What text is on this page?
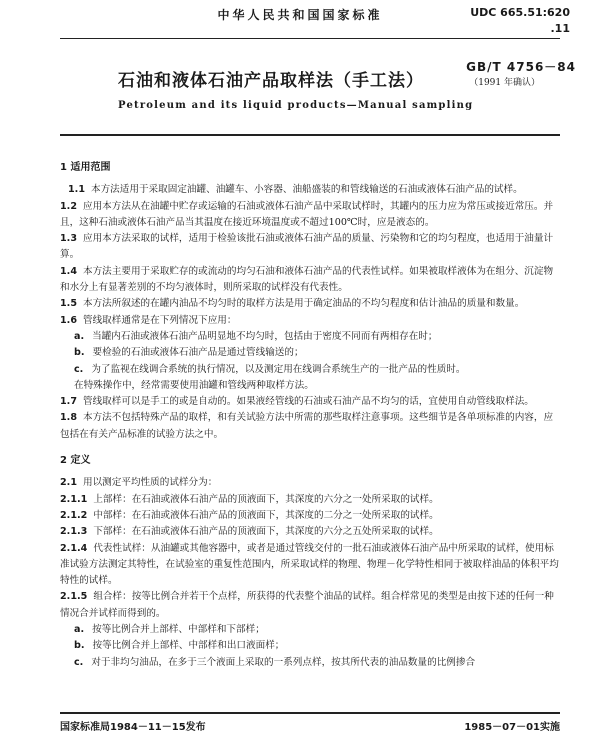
中华人民共和国国家标准	UDC 665.51:620
.11
石油和液体石油产品取样法（手工法）
GB/T 4756－84
（1991 年确认）
Petroleum and its liquid products—Manual sampling
1 适用范围

1.1 本方法适用于采取固定油罐、油罐车、小容器、油船盛装的和管线输送的石油或液体石油产品的试样。

1.2 应用本方法从在油罐中贮存或运输的石油或液体石油产品中采取试样时，其罐内的压力应为常压或接近常压。并且，这种石油或液体石油产品当其温度在接近环境温度或不超过100℃时，应是液态的。

1.3 应用本方法采取的试样，适用于检验该批石油或液体石油产品的质量、污染物和它的均匀程度，也适用于油量计算。

1.4 本方法主要用于采取贮存的或流动的均匀石油和液体石油产品的代表性试样。如果被取样液体为在组分、沉淀物和水分上有显著差别的不均匀液体时，则所采取的试样没有代表性。

1.5 本方法所叙述的在罐内油品不均匀时的取样方法是用于确定油品的不均匀程度和估计油品的质量和数量。

1.6 管线取样通常是在下列情况下应用：

a. 当罐内石油或液体石油产品明显地不均匀时，包括由于密度不同而有两相存在时；

b. 要检验的石油或液体石油产品是通过管线输送的；

c. 为了监视在线调合系统的执行情况，以及测定用在线调合系统生产的一批产品的性质时。

在特殊操作中，经常需要使用油罐和管线两种取样方法。

1.7 管线取样可以是手工的或是自动的。如果液经管线的石油或石油产品不均匀的话，宜使用自动管线取样法。

1.8 本方法不包括特殊产品的取样，和有关试验方法中所需的那些取样注意事项。这些细节是各单项标准的内容，应包括在有关产品标准的试验方法之中。

2 定义

2.1 用以测定平均性质的试样分为：

2.1.1 上部样：在石油或液体石油产品的顶液面下，其深度的六分之一处所采取的试样。

2.1.2 中部样：在石油或液体石油产品的顶液面下，其深度的二分之一处所采取的试样。

2.1.3 下部样：在石油或液体石油产品的顶液面下，其深度的六分之五处所采取的试样。

2.1.4 代表性试样：从油罐或其他容器中，或者是通过管线交付的一批石油或液体石油产品中所采取的试样，使用标准试验方法测定其特性，在试验室的重复性范围内，所采取试样的物理、物理－化学特性相同于被取样油品的体积平均特性的试样。

2.1.5 组合样：按等比例合并若干个点样，所获得的代表整个油品的试样。组合样常见的类型是由按下述的任何一种情况合并试样而得到的。

a. 按等比例合并上部样、中部样和下部样；

b. 按等比例合并上部样、中部样和出口液面样；

c. 对于非均匀油品，在多于三个液面上采取的一系列点样，按其所代表的油品数量的比例掺合

国家标准局1984－11－15发布	1985－07－01实施
